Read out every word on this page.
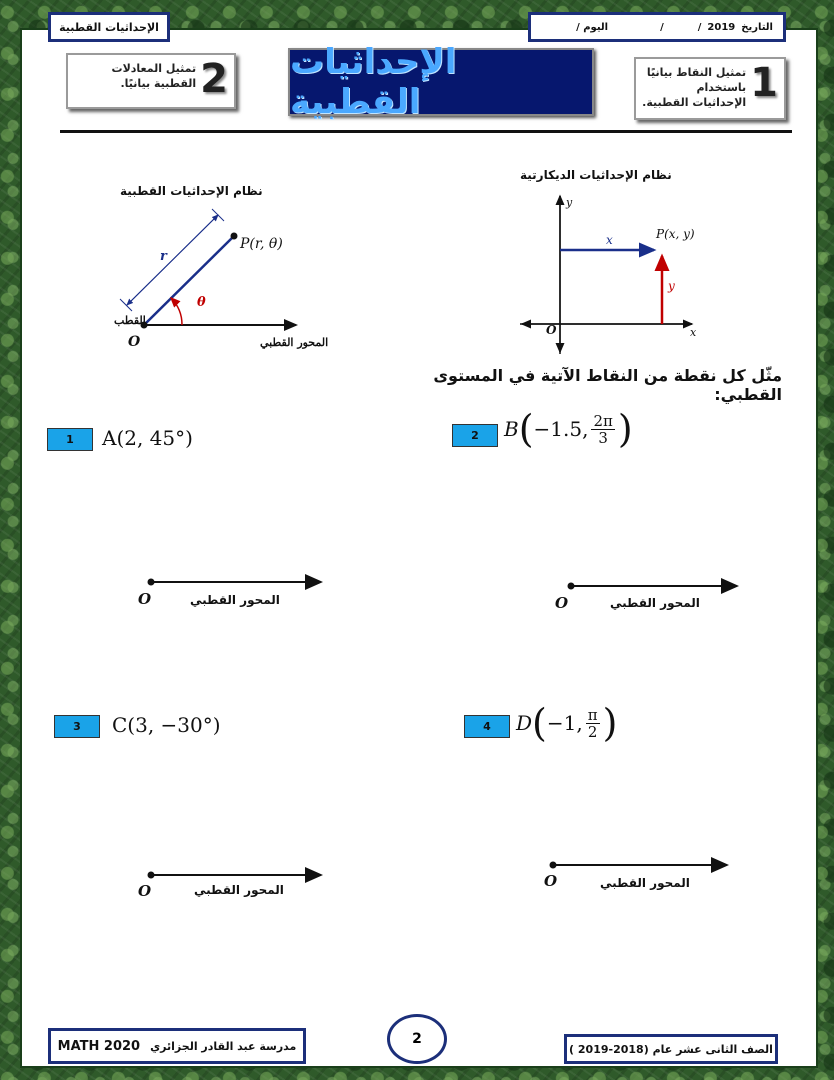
الإحداثيات القطبية	التاريخ
2019
/
/
اليوم /
1
تمثيل النقاط بيانيًا باستخدام الإحداثيات القطبية.
الإحداثيات القطبية
2
تمثيل المعادلات القطبية بيانيًا.
نظام الإحداثيات الديكارتية
x
y
P(x, y)
y
x
O
نظام الإحداثيات القطبية
P(r, θ)
r
θ
O
القطب
المحور القطبي
مثّل كل نقطة من النقاط الآتية في المستوى القطبي:
1	A(2, 45°)
O	المحور القطبي
2	B ( −1.5, $\frac{2\pi}{3}$ )
O	المحور القطبي
3	C(3, −30°)
O	المحور القطبي
4	D ( −1, $\frac{\pi}{2}$ )
O	المحور القطبي
MATH 2020 مدرسة عبد القادر الجزائري	2
الصف الثانى عشر عام (2018-2019 )
